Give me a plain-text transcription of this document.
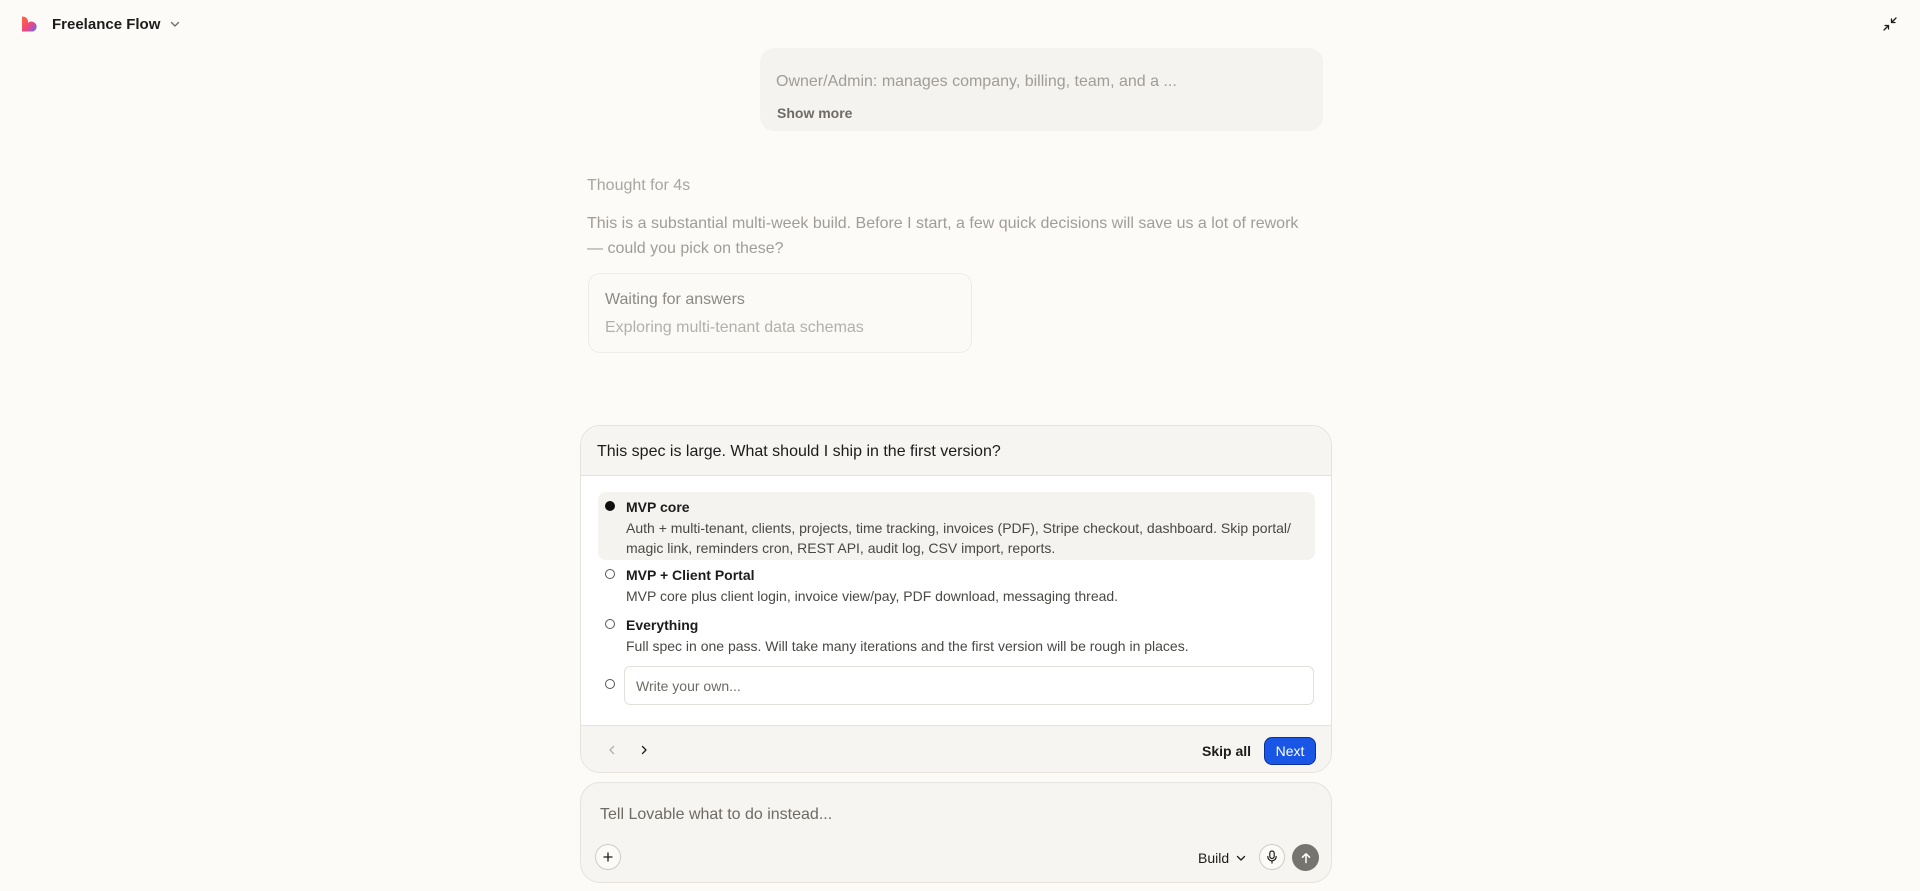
Freelance Flow
Owner/Admin: manages company, billing, team, and a ...
Show more
Thought for 4s
This is a substantial multi-week build. Before I start, a few quick decisions will save us a lot of rework — could you pick on these?
Waiting for answers
Exploring multi-tenant data schemas
This spec is large. What should I ship in the first version?
MVP core
Auth + multi-tenant, clients, projects, time tracking, invoices (PDF), Stripe checkout, dashboard. Skip portal/ magic link, reminders cron, REST API, audit log, CSV import, reports.
MVP + Client Portal
MVP core plus client login, invoice view/pay, PDF download, messaging thread.
Everything
Full spec in one pass. Will take many iterations and the first version will be rough in places.
Write your own...
Skip all	Next
Tell Lovable what to do instead...
Build
